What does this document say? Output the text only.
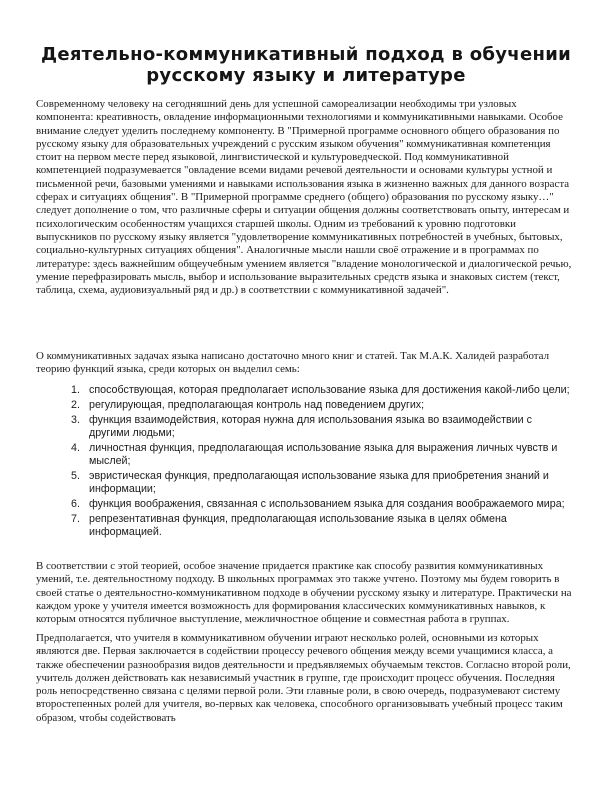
Деятельно-коммуникативный подход в обучении русскому языку и литературе

Современному человеку на сегодняшний день для успешной самореализации необходимы три узловых компонента: креативность, овладение информационными технологиями и коммуникативными навыками. Особое внимание следует уделить последнему компоненту. В "Примерной программе основного общего образования по русскому языку для образовательных учреждений с русским языком обучения" коммуникативная компетенция стоит на первом месте перед языковой, лингвистической и культуроведческой. Под коммуникативной компетенцией подразумевается "овладение всеми видами речевой деятельности и основами культуры устной и письменной речи, базовыми умениями и навыками использования языка в жизненно важных для данного возраста сферах и ситуациях общения". В "Примерной программе среднего (общего) образования по русскому языку…" следует дополнение о том, что различные сферы и ситуации общения должны соответствовать опыту, интересам и психологическим особенностям учащихся старшей школы. Одним из требований к уровню подготовки выпускников по русскому языку является "удовлетворение коммуникативных потребностей в учебных, бытовых, социально-культурных ситуациях общения". Аналогичные мысли нашли своё отражение и в программах по литературе: здесь важнейшим общеучебным умением является "владение монологической и диалогической речью, умение перефразировать мысль, выбор и использование выразительных средств языка и знаковых систем (текст, таблица, схема, аудиовизуальный ряд и др.) в соответствии с коммуникативной задачей".

О коммуникативных задачах языка написано достаточно много книг и статей. Так М.А.К. Халидей разработал теорию функций языка, среди которых он выделил семь:

1. способствующая, которая предполагает использование языка для достижения какой-либо цели;
2. регулирующая, предполагающая контроль над поведением других;
3. функция взаимодействия, которая нужна для использования языка во взаимодействии с другими людьми;
4. личностная функция, предполагающая использование языка для выражения личных чувств и мыслей;
5. эвристическая функция, предполагающая использование языка для приобретения знаний и информации;
6. функция воображения, связанная с использованием языка для создания воображаемого мира;
7. репрезентативная функция, предполагающая использование языка в целях обмена информацией.

В соответствии с этой теорией, особое значение придается практике как способу развития коммуникативных умений, т.е. деятельностному подходу. В школьных программах это также учтено. Поэтому мы будем говорить в своей статье о деятельностно-коммуникативном подходе в обучении русскому языку и литературе. Практически на каждом уроке у учителя имеется возможность для формирования классических коммуникативных навыков, к которым относятся публичное выступление, межличностное общение и совместная работа в группах.

Предполагается, что учителя в коммуникативном обучении играют несколько ролей, основными из которых являются две. Первая заключается в содействии процессу речевого общения между всеми учащимися класса, а также обеспечении разнообразия видов деятельности и предъявляемых обучаемым текстов. Согласно второй роли, учитель должен действовать как независимый участник в группе, где происходит процесс обучения. Последняя роль непосредственно связана с целями первой роли. Эти главные роли, в свою очередь, подразумевают систему второстепенных ролей для учителя, во-первых как человека, способного организовывать учебный процесс таким образом, чтобы содействовать
